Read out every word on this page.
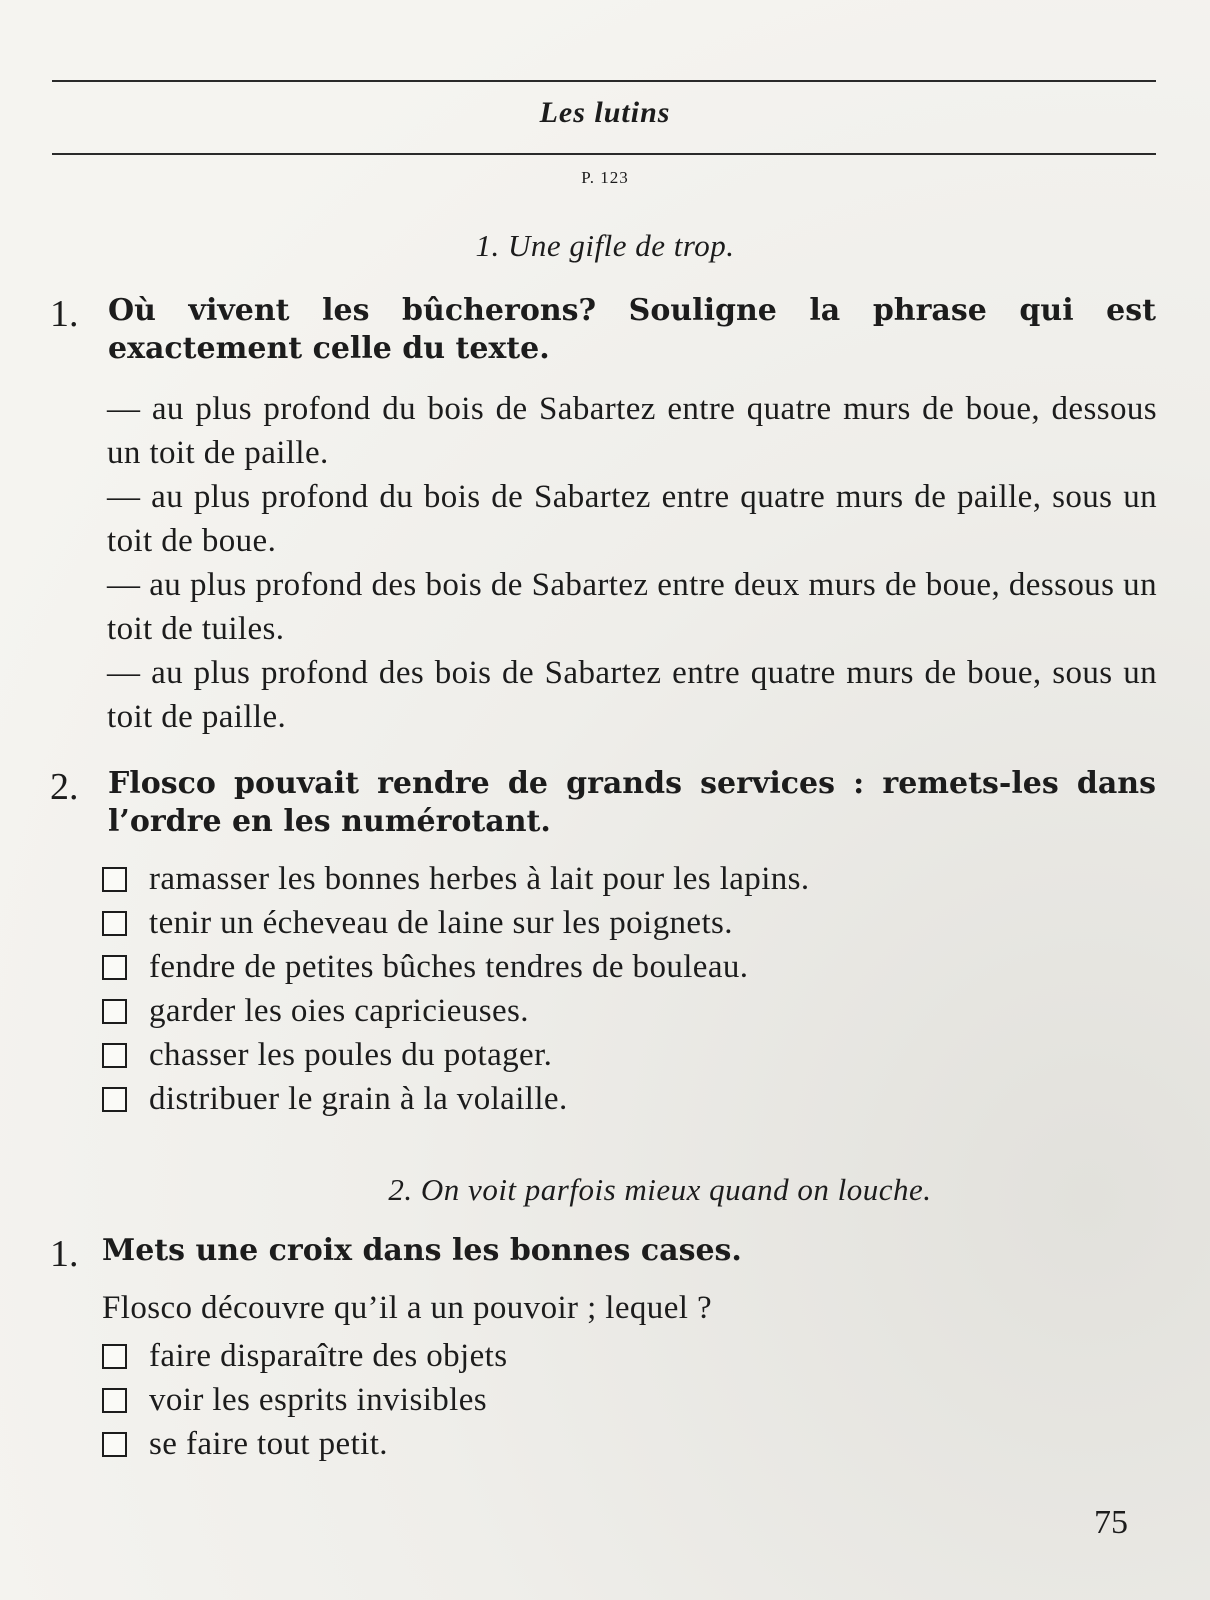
Les lutins
P. 123
1. Une gifle de trop.
1. Où vivent les bûcherons? Souligne la phrase qui est exactement celle du texte.

— au plus profond du bois de Sabartez entre quatre murs de boue, dessous un toit de paille.

— au plus profond du bois de Sabartez entre quatre murs de paille, sous un toit de boue.

— au plus profond des bois de Sabartez entre deux murs de boue, dessous un toit de tuiles.

— au plus profond des bois de Sabartez entre quatre murs de boue, sous un toit de paille.

2. Flosco pouvait rendre de grands services : remets-les dans l’ordre en les numérotant.
ramasser les bonnes herbes à lait pour les lapins.
tenir un écheveau de laine sur les poignets.
fendre de petites bûches tendres de bouleau.
garder les oies capricieuses.
chasser les poules du potager.
distribuer le grain à la volaille.
2. On voit parfois mieux quand on louche.
1. Mets une croix dans les bonnes cases.
Flosco découvre qu’il a un pouvoir ; lequel ?
faire disparaître des objets
voir les esprits invisibles
se faire tout petit.
75
